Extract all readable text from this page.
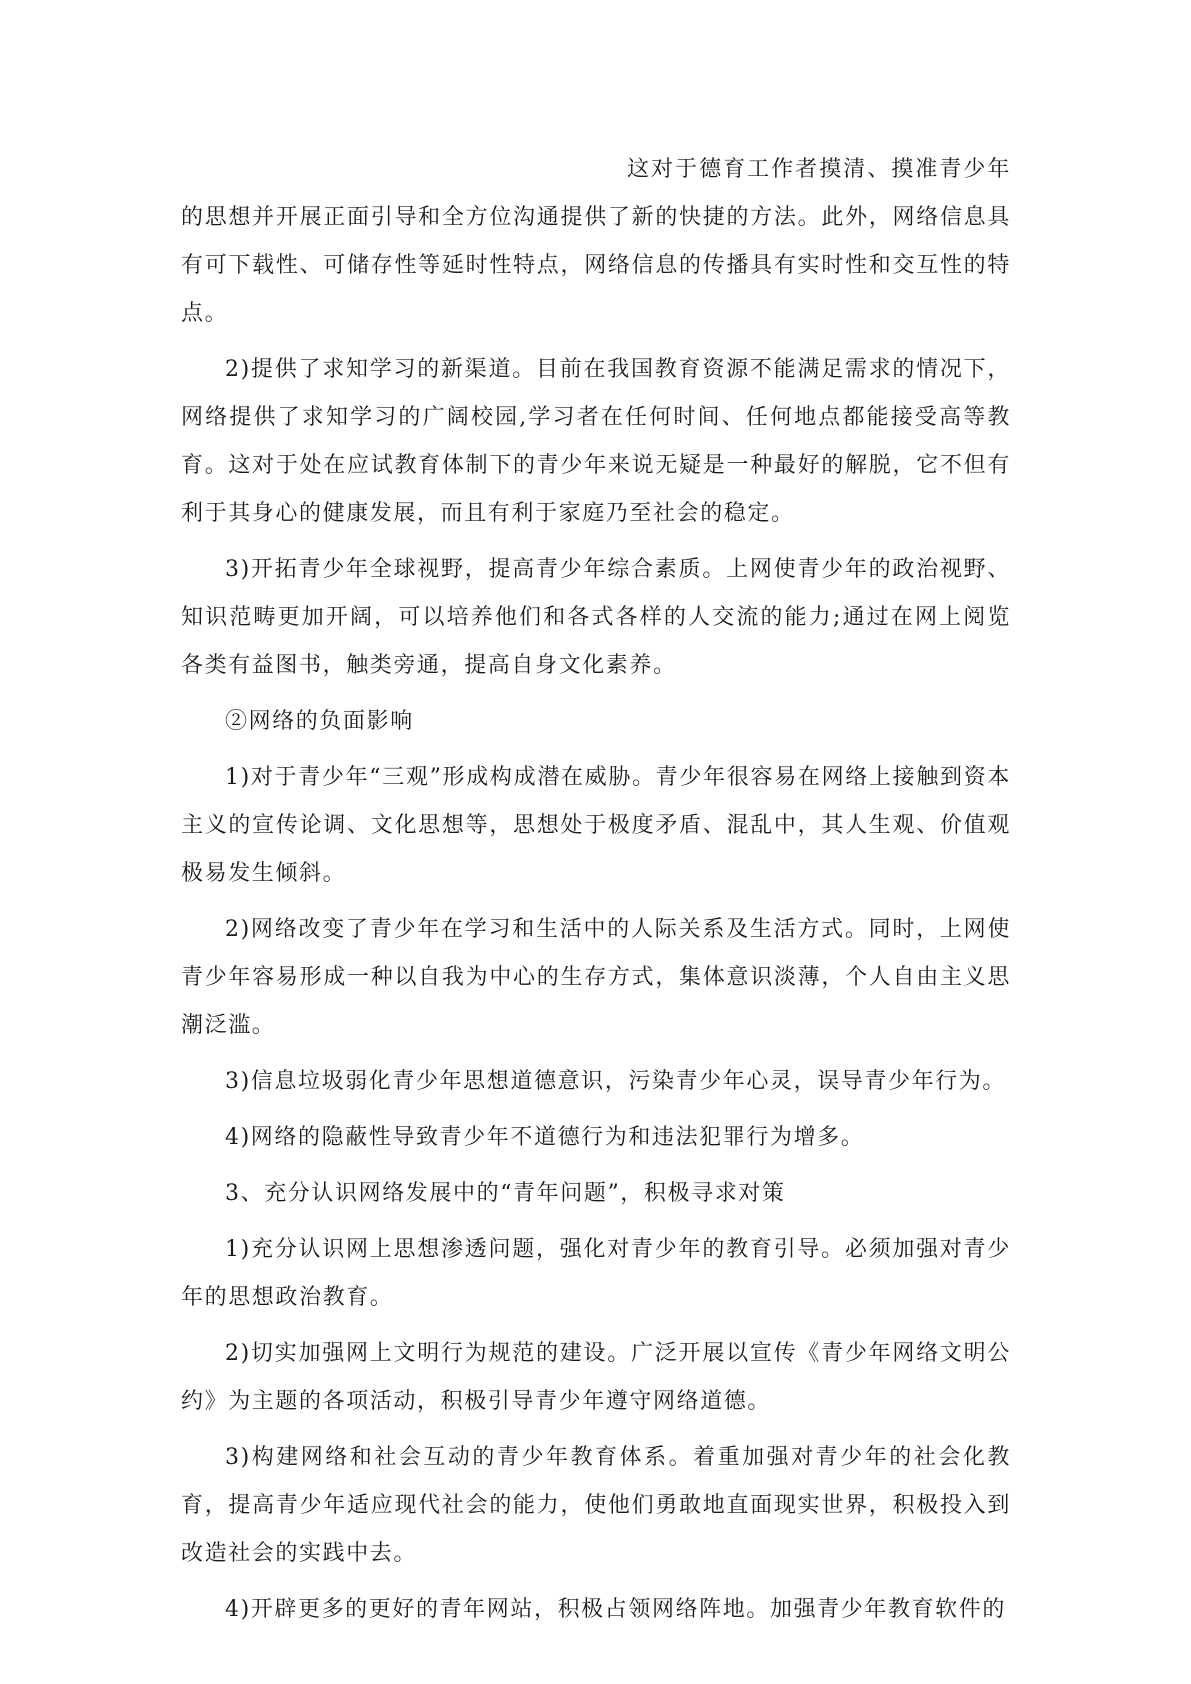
这对于德育工作者摸清、摸准青少年的思想并开展正面引导和全方位沟通提供了新的快捷的方法。此外，网络信息具有可下载性、可储存性等延时性特点，网络信息的传播具有实时性和交互性的特点。

2)提供了求知学习的新渠道。目前在我国教育资源不能满足需求的情况下，网络提供了求知学习的广阔校园,学习者在任何时间、任何地点都能接受高等教育。这对于处在应试教育体制下的青少年来说无疑是一种最好的解脱，它不但有利于其身心的健康发展，而且有利于家庭乃至社会的稳定。

3)开拓青少年全球视野，提高青少年综合素质。上网使青少年的政治视野、知识范畴更加开阔，可以培养他们和各式各样的人交流的能力;通过在网上阅览各类有益图书，触类旁通，提高自身文化素养。

②网络的负面影响

1)对于青少年“三观”形成构成潜在威胁。青少年很容易在网络上接触到资本主义的宣传论调、文化思想等，思想处于极度矛盾、混乱中，其人生观、价值观极易发生倾斜。

2)网络改变了青少年在学习和生活中的人际关系及生活方式。同时，上网使青少年容易形成一种以自我为中心的生存方式，集体意识淡薄，个人自由主义思潮泛滥。

3)信息垃圾弱化青少年思想道德意识，污染青少年心灵，误导青少年行为。

4)网络的隐蔽性导致青少年不道德行为和违法犯罪行为增多。

3、充分认识网络发展中的“青年问题”，积极寻求对策

1)充分认识网上思想渗透问题，强化对青少年的教育引导。必须加强对青少年的思想政治教育。

2)切实加强网上文明行为规范的建设。广泛开展以宣传《青少年网络文明公约》为主题的各项活动，积极引导青少年遵守网络道德。

3)构建网络和社会互动的青少年教育体系。着重加强对青少年的社会化教育，提高青少年适应现代社会的能力，使他们勇敢地直面现实世界，积极投入到改造社会的实践中去。

4)开辟更多的更好的青年网站，积极占领网络阵地。加强青少年教育软件的
